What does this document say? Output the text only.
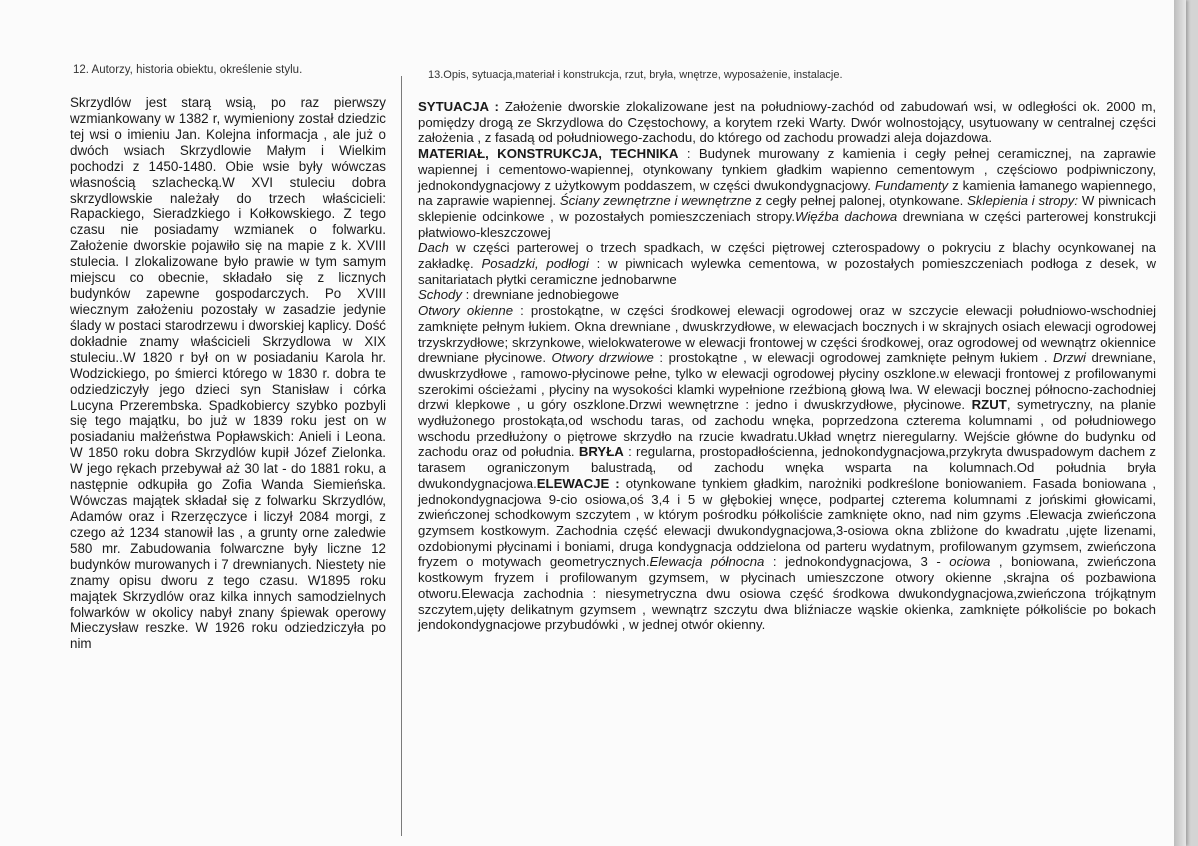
12. Autorzy, historia obiektu, określenie stylu.	13.Opis, sytuacja,materiał i konstrukcja, rzut, bryła, wnętrze, wyposażenie, instalacje.

Skrzydlów jest starą wsią, po raz pierwszy wzmiankowany w 1382 r, wymieniony został dziedzic tej wsi o imieniu Jan. Kolejna informacja , ale już o dwóch wsiach Skrzydlowie Małym i Wielkim pochodzi z 1450-1480. Obie wsie były wówczas własnością szlachecką.W XVI stuleciu dobra skrzydlowskie należały do trzech właścicieli: Rapackiego, Sieradzkiego i Kołkowskiego. Z tego czasu nie posiadamy wzmianek o folwarku. Założenie dworskie pojawiło się na mapie z k. XVIII stulecia. I zlokalizowane było prawie w tym samym miejscu co obecnie, składało się z licznych budynków zapewne gospodarczych. Po XVIII wiecznym założeniu pozostały w zasadzie jedynie ślady w postaci starodrzewu i dworskiej kaplicy. Dość dokładnie znamy właścicieli Skrzydlowa w XIX stuleciu..W 1820 r był on w posiadaniu Karola hr. Wodzickiego, po śmierci którego w 1830 r. dobra te odziedziczyły jego dzieci syn Stanisław i córka Lucyna Przerembska. Spadkobiercy szybko pozbyli się tego majątku, bo już w 1839 roku jest on w posiadaniu małżeństwa Popławskich: Anieli i Leona. W 1850 roku dobra Skrzydlów kupił Józef Zielonka. W jego rękach przebywał aż 30 lat - do 1881 roku, a następnie odkupiła go Zofia Wanda Siemieńska. Wówczas majątek składał się z folwarku Skrzydlów, Adamów oraz i Rzerzęczyce i liczył 2084 morgi, z czego aż 1234 stanowił las , a grunty orne zaledwie 580 mr. Zabudowania folwarczne były liczne 12 budynków murowanych i 7 drewnianych. Niestety nie znamy opisu dworu z tego czasu. W1895 roku majątek Skrzydlów oraz kilka innych samodzielnych folwarków w okolicy nabył znany śpiewak operowy Mieczysław reszke. W 1926 roku odziedziczyła po nim

SYTUACJA : Założenie dworskie zlokalizowane jest na południowy-zachód od zabudowań wsi, w odległości ok. 2000 m, pomiędzy drogą ze Skrzydlowa do Częstochowy, a korytem rzeki Warty. Dwór wolnostojący, usytuowany w centralnej części założenia , z fasadą od południowego-zachodu, do którego od zachodu prowadzi aleja dojazdowa.

MATERIAŁ, KONSTRUKCJA, TECHNIKA : Budynek murowany z kamienia i cegły pełnej ceramicznej, na zaprawie wapiennej i cementowo-wapiennej, otynkowany tynkiem gładkim wapienno cementowym , częściowo podpiwniczony, jednokondygnacjowy z użytkowym poddaszem, w części dwukondygnacjowy. Fundamenty z kamienia łamanego wapiennego, na zaprawie wapiennej. Ściany zewnętrzne i wewnętrzne z cegły pełnej palonej, otynkowane. Sklepienia i stropy: W piwnicach sklepienie odcinkowe , w pozostałych pomieszczeniach stropy.Więźba dachowa drewniana w części parterowej konstrukcji płatwiowo-kleszczowej

Dach w części parterowej o trzech spadkach, w części piętrowej czterospadowy o pokryciu z blachy ocynkowanej na zakładkę. Posadzki, podłogi : w piwnicach wylewka cementowa, w pozostałych pomieszczeniach podłoga z desek, w sanitariatach płytki ceramiczne jednobarwne

Schody : drewniane jednobiegowe

Otwory okienne : prostokątne, w części środkowej elewacji ogrodowej oraz w szczycie elewacji południowo-wschodniej zamknięte pełnym łukiem. Okna drewniane , dwuskrzydłowe, w elewacjach bocznych i w skrajnych osiach elewacji ogrodowej trzyskrzydłowe; skrzynkowe, wielokwaterowe w elewacji frontowej w części środkowej, oraz ogrodowej od wewnątrz okiennice drewniane płycinowe. Otwory drzwiowe : prostokątne , w elewacji ogrodowej zamknięte pełnym łukiem . Drzwi drewniane, dwuskrzydłowe , ramowo-płycinowe pełne, tylko w elewacji ogrodowej płyciny oszklone.w elewacji frontowej z profilowanymi szerokimi ościeżami , płyciny na wysokości klamki wypełnione rzeźbioną głową lwa. W elewacji bocznej północno-zachodniej drzwi klepkowe , u góry oszklone.Drzwi wewnętrzne : jedno i dwuskrzydłowe, płycinowe. RZUT, symetryczny, na planie wydłużonego prostokąta,od wschodu taras, od zachodu wnęka, poprzedzona czterema kolumnami , od południowego wschodu przedłużony o piętrowe skrzydło na rzucie kwadratu.Układ wnętrz nieregularny. Wejście główne do budynku od zachodu oraz od południa. BRYŁA : regularna, prostopadłościenna, jednokondygnacjowa,przykryta dwuspadowym dachem z tarasem ograniczonym balustradą, od zachodu wnęka wsparta na kolumnach.Od południa bryła dwukondygnacjowa.ELEWACJE : otynkowane tynkiem gładkim, narożniki podkreślone boniowaniem. Fasada boniowana , jednokondygnacjowa 9-cio osiowa,oś 3,4 i 5 w głębokiej wnęce, podpartej czterema kolumnami z jońskimi głowicami, zwieńczonej schodkowym szczytem , w którym pośrodku półkoliście zamknięte okno, nad nim gzyms .Elewacja zwieńczona gzymsem kostkowym. Zachodnia część elewacji dwukondygnacjowa,3-osiowa okna zbliżone do kwadratu ,ujęte lizenami, ozdobionymi płycinami i boniami, druga kondygnacja oddzielona od parteru wydatnym, profilowanym gzymsem, zwieńczona fryzem o motywach geometrycznych.Elewacja północna : jednokondygnacjowa, 3 - ociowa , boniowana, zwieńczona kostkowym fryzem i profilowanym gzymsem, w płycinach umieszczone otwory okienne ,skrajna oś pozbawiona otworu.Elewacja zachodnia : niesymetryczna dwu osiowa część środkowa dwukondygnacjowa,zwieńczona trójkątnym szczytem,ujęty delikatnym gzymsem , wewnątrz szczytu dwa bliźniacze wąskie okienka, zamknięte półkoliście po bokach jendokondygnacjowe przybudówki , w jednej otwór okienny.
